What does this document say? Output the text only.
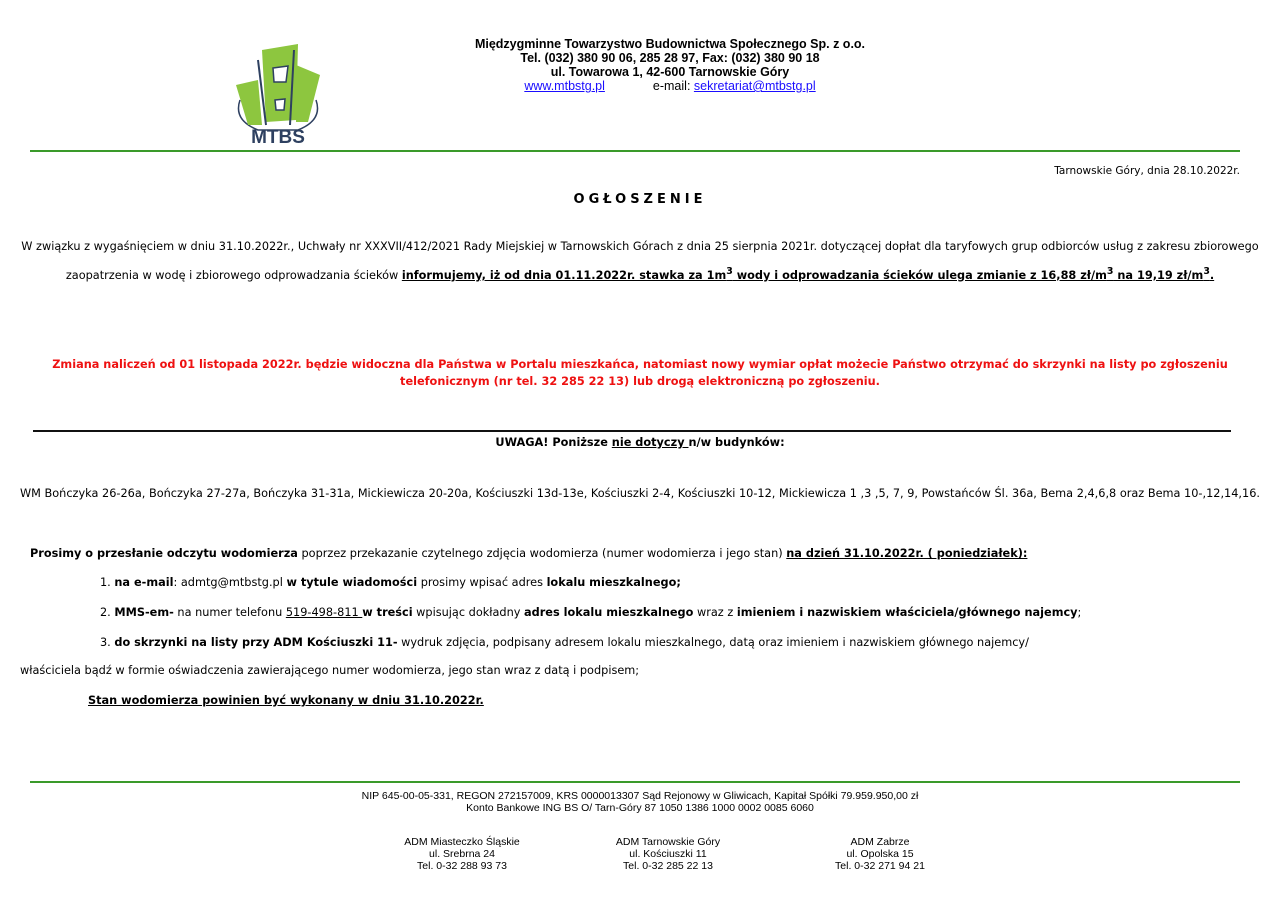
MTBS
Międzygminne Towarzystwo Budownictwa Społecznego Sp. z o.o.
Tel. (032) 380 90 06, 285 28 97, Fax: (032) 380 90 18
ul. Towarowa 1, 42-600 Tarnowskie Góry
www.mtbstg.pl	e-mail: sekretariat@mtbstg.pl
Tarnowskie Góry, dnia 28.10.2022r.
OGŁOSZENIE
W związku z wygaśnięciem w dniu 31.10.2022r., Uchwały nr XXXVII/412/2021 Rady Miejskiej w Tarnowskich Górach z dnia 25 sierpnia 2021r. dotyczącej dopłat dla taryfowych grup odbiorców usług z zakresu zbiorowego zaopatrzenia w wodę i zbiorowego odprowadzania ścieków informujemy, iż od dnia 01.11.2022r. stawka za $1m^3$ wody i odprowadzania ścieków ulega zmianie z 16,88 $zł/m^3$ na 19,19 $zł/m^3$.
Zmiana naliczeń od 01 listopada 2022r. będzie widoczna dla Państwa w Portalu mieszkańca, natomiast nowy wymiar opłat możecie Państwo otrzymać do skrzynki na listy po zgłoszeniu telefonicznym (nr tel. 32 285 22 13) lub drogą elektroniczną po zgłoszeniu.
UWAGA! Poniższe nie dotyczy n/w budynków:
WM Bończyka 26-26a, Bończyka 27-27a, Bończyka 31-31a, Mickiewicza 20-20a, Kościuszki 13d-13e, Kościuszki 2-4, Kościuszki 10-12, Mickiewicza 1 ,3 ,5, 7, 9, Powstańców Śl. 36a, Bema 2,4,6,8 oraz Bema 10-,12,14,16.
Prosimy o przesłanie odczytu wodomierza poprzez przekazanie czytelnego zdjęcia wodomierza (numer wodomierza i jego stan) na dzień 31.10.2022r. ( poniedziałek):
1. na e-mail: admtg@mtbstg.pl w tytule wiadomości prosimy wpisać adres lokalu mieszkalnego;
2. MMS-em- na numer telefonu 519-498-811 w treści wpisując dokładny adres lokalu mieszkalnego wraz z imieniem i nazwiskiem właściciela/głównego najemcy;
3. do skrzynki na listy przy ADM Kościuszki 11- wydruk zdjęcia, podpisany adresem lokalu mieszkalnego, datą oraz imieniem i nazwiskiem głównego najemcy/
właściciela bądź w formie oświadczenia zawierającego numer wodomierza, jego stan wraz z datą i podpisem;
Stan wodomierza powinien być wykonany w dniu 31.10.2022r.
NIP 645-00-05-331, REGON 272157009, KRS 0000013307 Sąd Rejonowy w Gliwicach, Kapitał Spółki 79.959.950,00 zł
Konto Bankowe ING BS O/ Tarn-Góry 87 1050 1386 1000 0002 0085 6060
ADM Miasteczko Śląskie
ul. Srebrna 24
Tel. 0-32 288 93 73
ADM Tarnowskie Góry
ul. Kościuszki 11
Tel. 0-32 285 22 13
ADM Zabrze
ul. Opolska 15
Tel. 0-32 271 94 21
